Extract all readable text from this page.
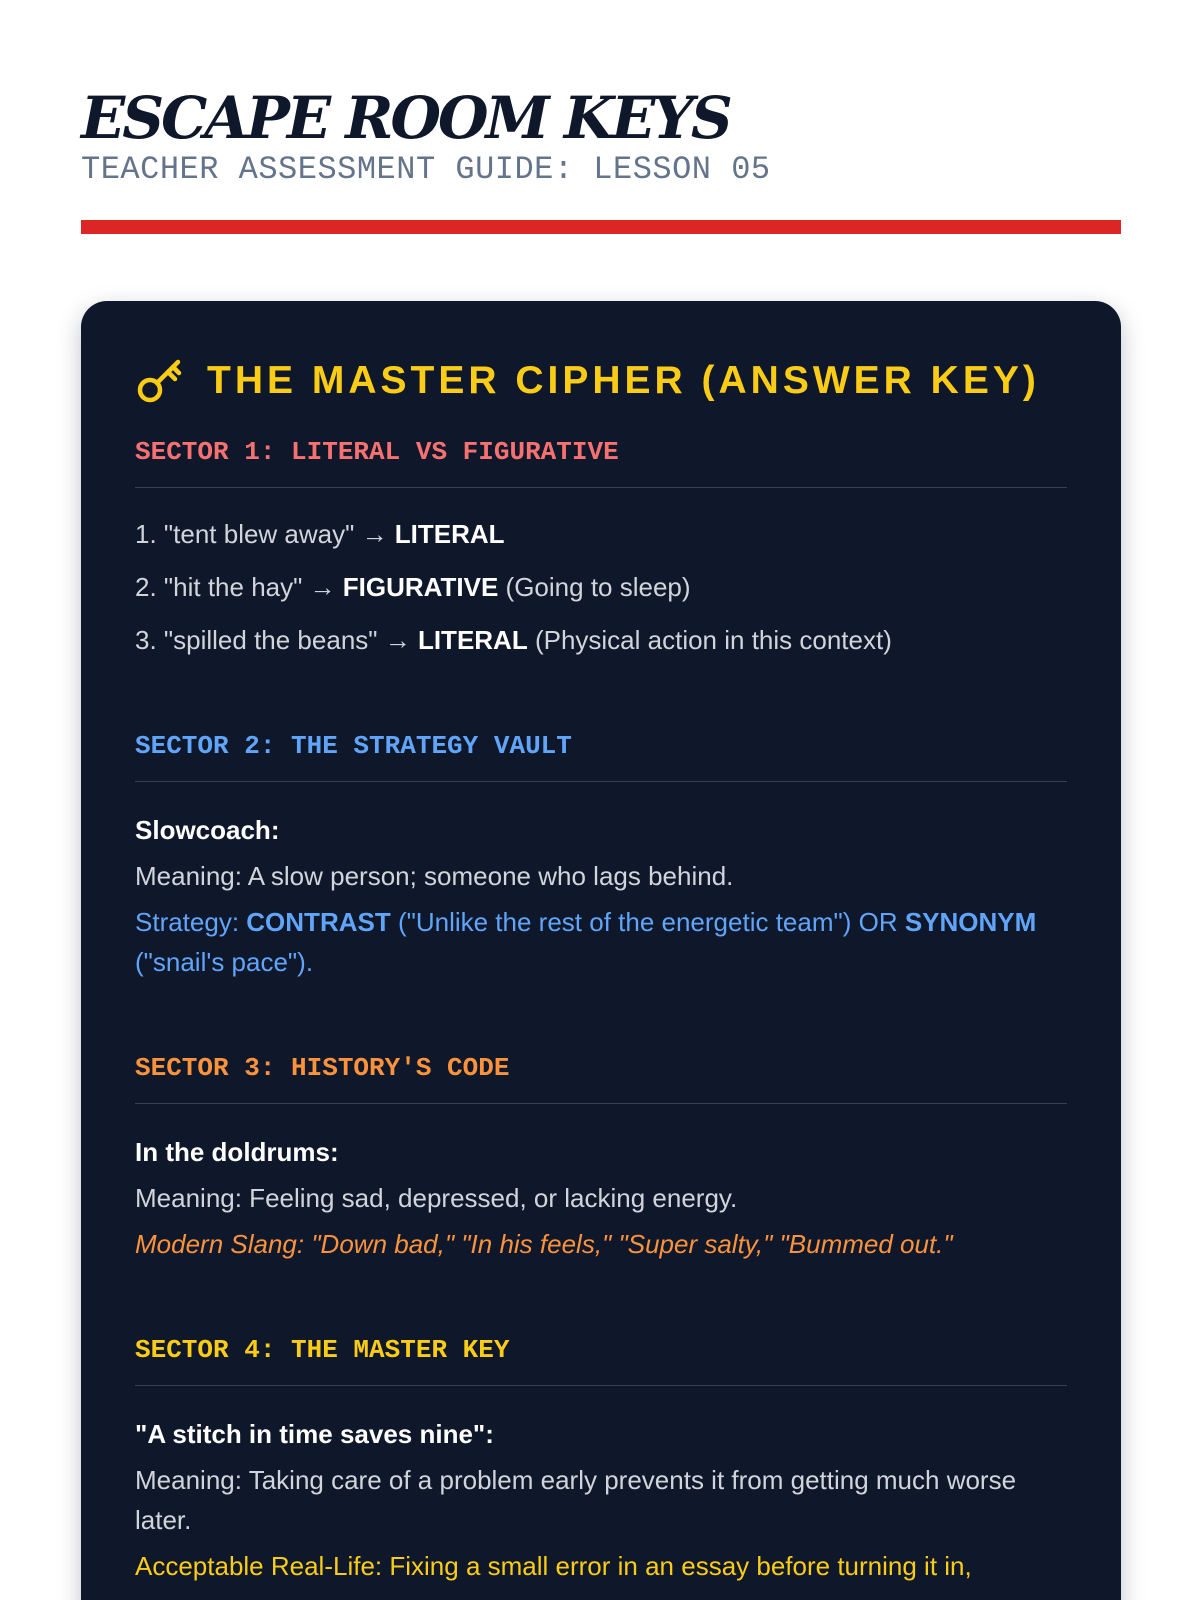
ESCAPE ROOM KEYS
TEACHER ASSESSMENT GUIDE: LESSON 05
THE MASTER CIPHER (ANSWER KEY)
SECTOR 1: LITERAL VS FIGURATIVE
1. "tent blew away" → LITERAL
2. "hit the hay" → FIGURATIVE (Going to sleep)
3. "spilled the beans" → LITERAL (Physical action in this context)
SECTOR 2: THE STRATEGY VAULT
Slowcoach:
Meaning: A slow person; someone who lags behind.
Strategy: CONTRAST ("Unlike the rest of the energetic team") OR SYNONYM ("snail's pace").
SECTOR 3: HISTORY'S CODE
In the doldrums:
Meaning: Feeling sad, depressed, or lacking energy.
Modern Slang: "Down bad," "In his feels," "Super salty," "Bummed out."
SECTOR 4: THE MASTER KEY
"A stitch in time saves nine":
Meaning: Taking care of a problem early prevents it from getting much worse later.
Acceptable Real-Life: Fixing a small error in an essay before turning it in,
